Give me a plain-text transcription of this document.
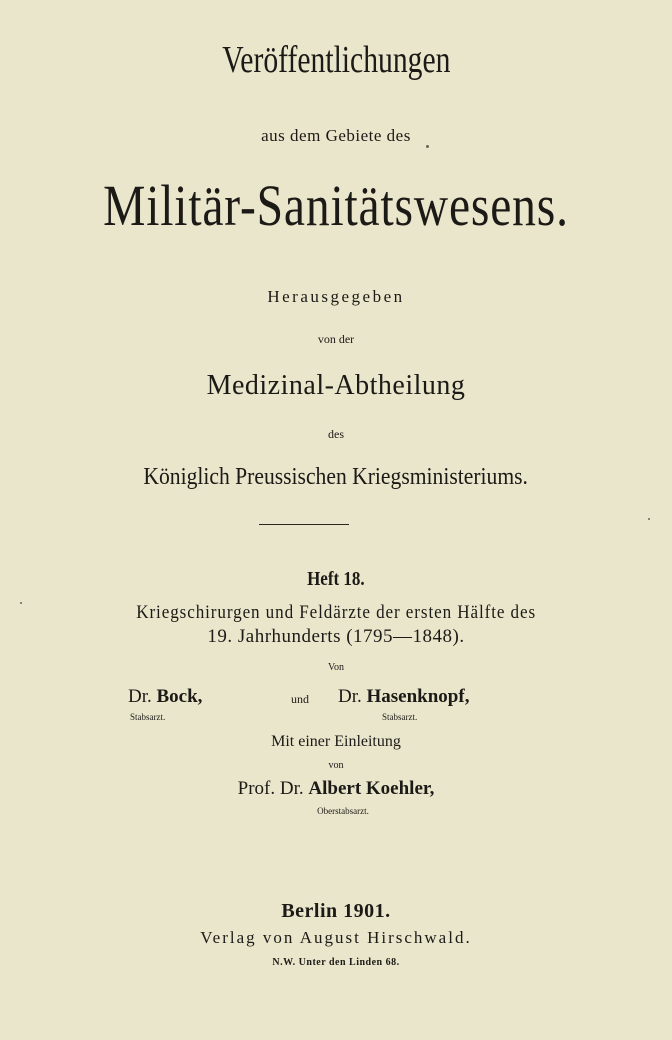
Veröffentlichungen
aus dem Gebiete des
Militär-Sanitätswesens.
Herausgegeben
von der
Medizinal-Abtheilung
des
Königlich Preussischen Kriegsministeriums.
Heft 18.
Kriegschirurgen und Feldärzte der ersten Hälfte des
19. Jahrhunderts (1795—1848).
Von
Dr. Bock,	und Dr. Hasenknopf,
Stabsarzt.	Stabsarzt.
Mit einer Einleitung
von
Prof. Dr. Albert Koehler,
Oberstabsarzt.
Berlin 1901.
Verlag von August Hirschwald.
N.W. Unter den Linden 68.
